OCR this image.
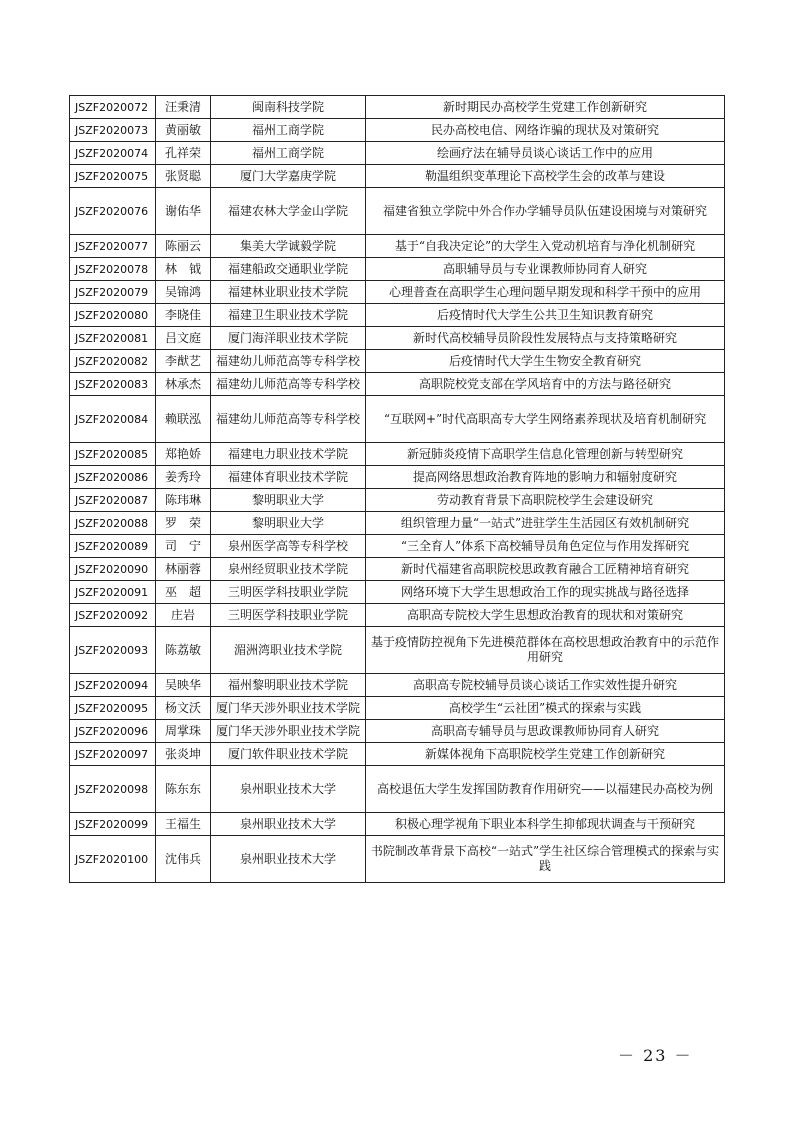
JSZF2020072	汪秉清	闽南科技学院	新时期民办高校学生党建工作创新研究
JSZF2020073	黄丽敏	福州工商学院	民办高校电信、网络诈骗的现状及对策研究
JSZF2020074	孔祥荣	福州工商学院	绘画疗法在辅导员谈心谈话工作中的应用
JSZF2020075	张贤聪	厦门大学嘉庚学院	勒温组织变革理论下高校学生会的改革与建设
JSZF2020076	谢佑华	福建农林大学金山学院	福建省独立学院中外合作办学辅导员队伍建设困境与对策研究
JSZF2020077	陈丽云	集美大学诚毅学院	基于“自我决定论”的大学生入党动机培育与净化机制研究
JSZF2020078	林　钺	福建船政交通职业学院	高职辅导员与专业课教师协同育人研究
JSZF2020079	吴锦鸿	福建林业职业技术学院	心理普查在高职学生心理问题早期发现和科学干预中的应用
JSZF2020080	李晓佳	福建卫生职业技术学院	后疫情时代大学生公共卫生知识教育研究
JSZF2020081	吕文庭	厦门海洋职业技术学院	新时代高校辅导员阶段性发展特点与支持策略研究
JSZF2020082	李猷艺	福建幼儿师范高等专科学校	后疫情时代大学生生物安全教育研究
JSZF2020083	林承杰	福建幼儿师范高等专科学校	高职院校党支部在学风培育中的方法与路径研究
JSZF2020084	赖联泓	福建幼儿师范高等专科学校	“互联网+”时代高职高专大学生网络素养现状及培育机制研究
JSZF2020085	郑艳娇	福建电力职业技术学院	新冠肺炎疫情下高职学生信息化管理创新与转型研究
JSZF2020086	姜秀玲	福建体育职业技术学院	提高网络思想政治教育阵地的影响力和辐射度研究
JSZF2020087	陈玮琳	黎明职业大学	劳动教育背景下高职院校学生会建设研究
JSZF2020088	罗　荣	黎明职业大学	组织管理力量“一站式”进驻学生生活园区有效机制研究
JSZF2020089	司　宁	泉州医学高等专科学校	“三全育人”体系下高校辅导员角色定位与作用发挥研究
JSZF2020090	林丽蓉	泉州经贸职业技术学院	新时代福建省高职院校思政教育融合工匠精神培育研究
JSZF2020091	巫　超	三明医学科技职业学院	网络环境下大学生思想政治工作的现实挑战与路径选择
JSZF2020092	庄岩	三明医学科技职业学院	高职高专院校大学生思想政治教育的现状和对策研究
JSZF2020093	陈荔敏	湄洲湾职业技术学院	基于疫情防控视角下先进模范群体在高校思想政治教育中的示范作用研究
JSZF2020094	吴映华	福州黎明职业技术学院	高职高专院校辅导员谈心谈话工作实效性提升研究
JSZF2020095	杨文沃	厦门华天涉外职业技术学院	高校学生“云社团”模式的探索与实践
JSZF2020096	周掌珠	厦门华天涉外职业技术学院	高职高专辅导员与思政课教师协同育人研究
JSZF2020097	张炎坤	厦门软件职业技术学院	新媒体视角下高职院校学生党建工作创新研究
JSZF2020098	陈东东	泉州职业技术大学	高校退伍大学生发挥国防教育作用研究——以福建民办高校为例
JSZF2020099	王福生	泉州职业技术大学	积极心理学视角下职业本科学生抑郁现状调查与干预研究
JSZF2020100	沈伟兵	泉州职业技术大学	书院制改革背景下高校“一站式”学生社区综合管理模式的探索与实践
－ 23 －
